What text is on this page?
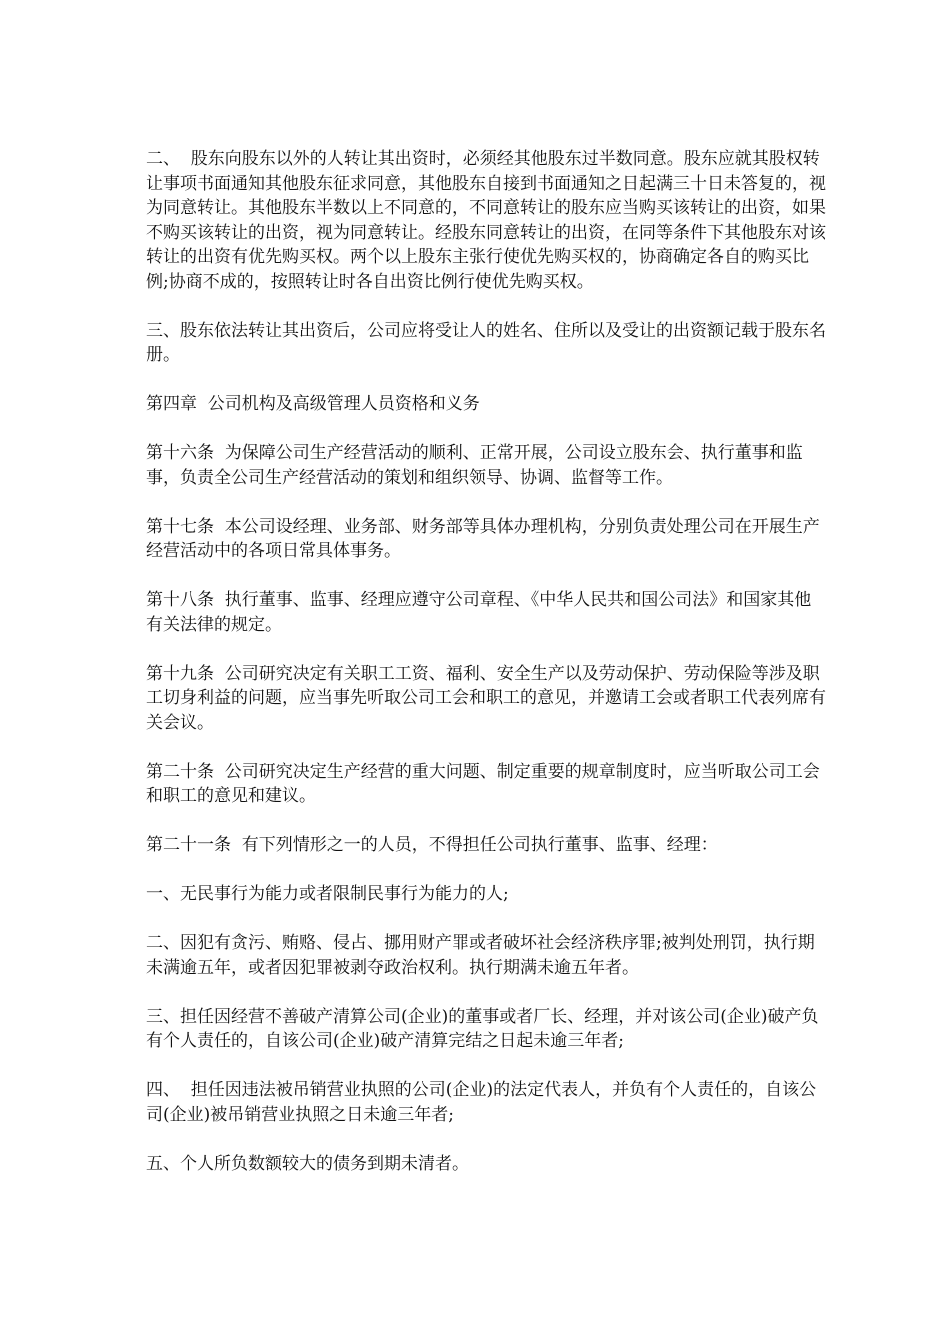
二、  股东向股东以外的人转让其出资时，必须经其他股东过半数同意。股东应就其股权转让事项书面通知其他股东征求同意，其他股东自接到书面通知之日起满三十日未答复的，视为同意转让。其他股东半数以上不同意的，不同意转让的股东应当购买该转让的出资，如果不购买该转让的出资，视为同意转让。经股东同意转让的出资，在同等条件下其他股东对该转让的出资有优先购买权。两个以上股东主张行使优先购买权的，协商确定各自的购买比例;协商不成的，按照转让时各自出资比例行使优先购买权。

三、股东依法转让其出资后，公司应将受让人的姓名、住所以及受让的出资额记载于股东名册。

第四章  公司机构及高级管理人员资格和义务

第十六条  为保障公司生产经营活动的顺利、正常开展，公司设立股东会、执行董事和监事，负责全公司生产经营活动的策划和组织领导、协调、监督等工作。

第十七条  本公司设经理、业务部、财务部等具体办理机构，分别负责处理公司在开展生产经营活动中的各项日常具体事务。

第十八条  执行董事、监事、经理应遵守公司章程、《中华人民共和国公司法》和国家其他有关法律的规定。

第十九条  公司研究决定有关职工工资、福利、安全生产以及劳动保护、劳动保险等涉及职工切身利益的问题，应当事先听取公司工会和职工的意见，并邀请工会或者职工代表列席有关会议。

第二十条  公司研究决定生产经营的重大问题、制定重要的规章制度时，应当听取公司工会和职工的意见和建议。

第二十一条  有下列情形之一的人员，不得担任公司执行董事、监事、经理：

一、无民事行为能力或者限制民事行为能力的人;

二、因犯有贪污、贿赂、侵占、挪用财产罪或者破坏社会经济秩序罪;被判处刑罚，执行期未满逾五年，或者因犯罪被剥夺政治权利。执行期满未逾五年者。

三、担任因经营不善破产清算公司(企业)的董事或者厂长、经理，并对该公司(企业)破产负有个人责任的，自该公司(企业)破产清算完结之日起未逾三年者;

四、  担任因违法被吊销营业执照的公司(企业)的法定代表人，并负有个人责任的，自该公司(企业)被吊销营业执照之日未逾三年者;

五、个人所负数额较大的债务到期未清者。
